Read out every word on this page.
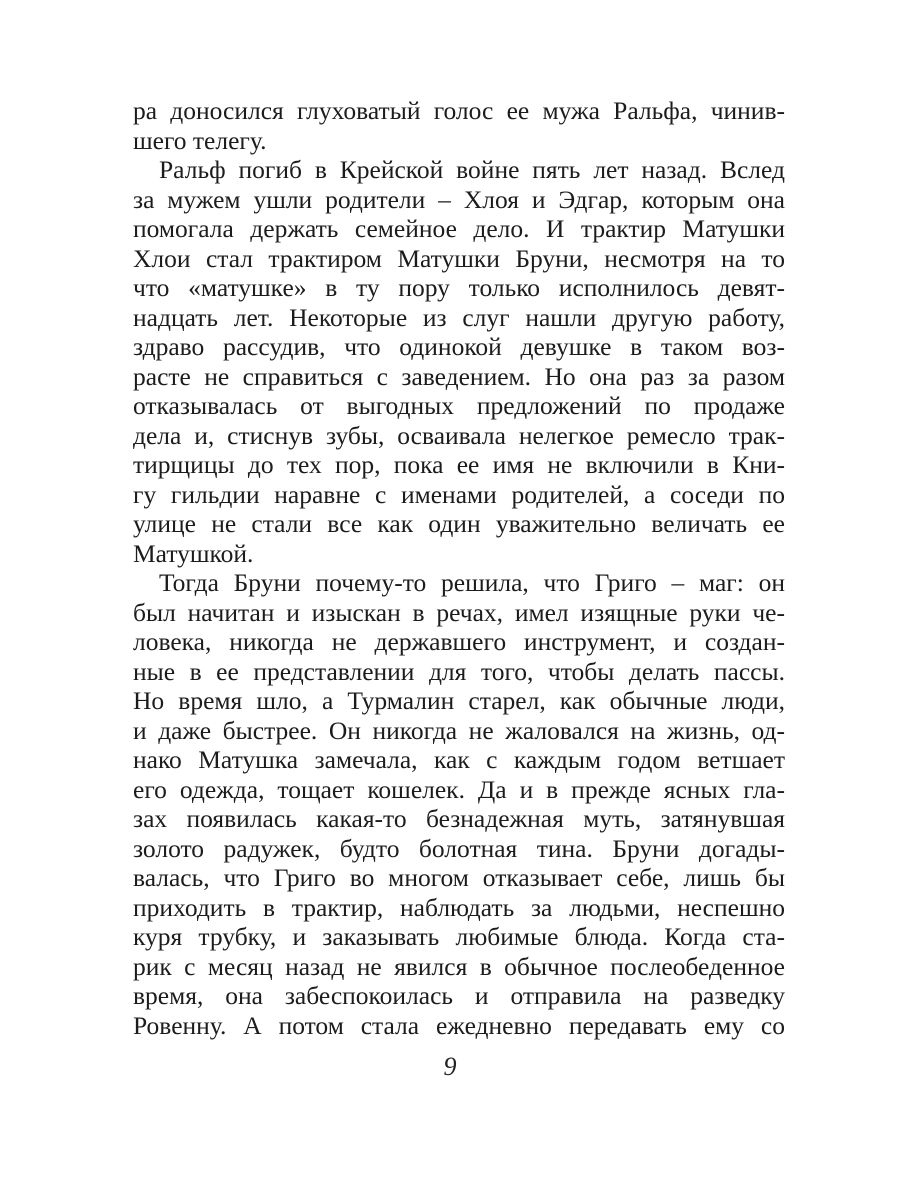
ра доносился глуховатый голос ее мужа Ральфа, чинив-
шего телегу.
Ральф погиб в Крейской войне пять лет назад. Вслед
за мужем ушли родители – Хлоя и Эдгар, которым она
помогала держать семейное дело. И трактир Матушки
Хлои стал трактиром Матушки Бруни, несмотря на то
что «матушке» в ту пору только исполнилось девят-
надцать лет. Некоторые из слуг нашли другую работу,
здраво рассудив, что одинокой девушке в таком воз-
расте не справиться с заведением. Но она раз за разом
отказывалась от выгодных предложений по продаже
дела и, стиснув зубы, осваивала нелегкое ремесло трак-
тирщицы до тех пор, пока ее имя не включили в Кни-
гу гильдии наравне с именами родителей, а соседи по
улице не стали все как один уважительно величать ее
Матушкой.
Тогда Бруни почему-то решила, что Григо – маг: он
был начитан и изыскан в речах, имел изящные руки че-
ловека, никогда не державшего инструмент, и создан-
ные в ее представлении для того, чтобы делать пассы.
Но время шло, а Турмалин старел, как обычные люди,
и даже быстрее. Он никогда не жаловался на жизнь, од-
нако Матушка замечала, как с каждым годом ветшает
его одежда, тощает кошелек. Да и в прежде ясных гла-
зах появилась какая-то безнадежная муть, затянувшая
золото радужек, будто болотная тина. Бруни догады-
валась, что Григо во многом отказывает себе, лишь бы
приходить в трактир, наблюдать за людьми, неспешно
куря трубку, и заказывать любимые блюда. Когда ста-
рик с месяц назад не явился в обычное послеобеденное
время, она забеспокоилась и отправила на разведку
Ровенну. А потом стала ежедневно передавать ему со
9
